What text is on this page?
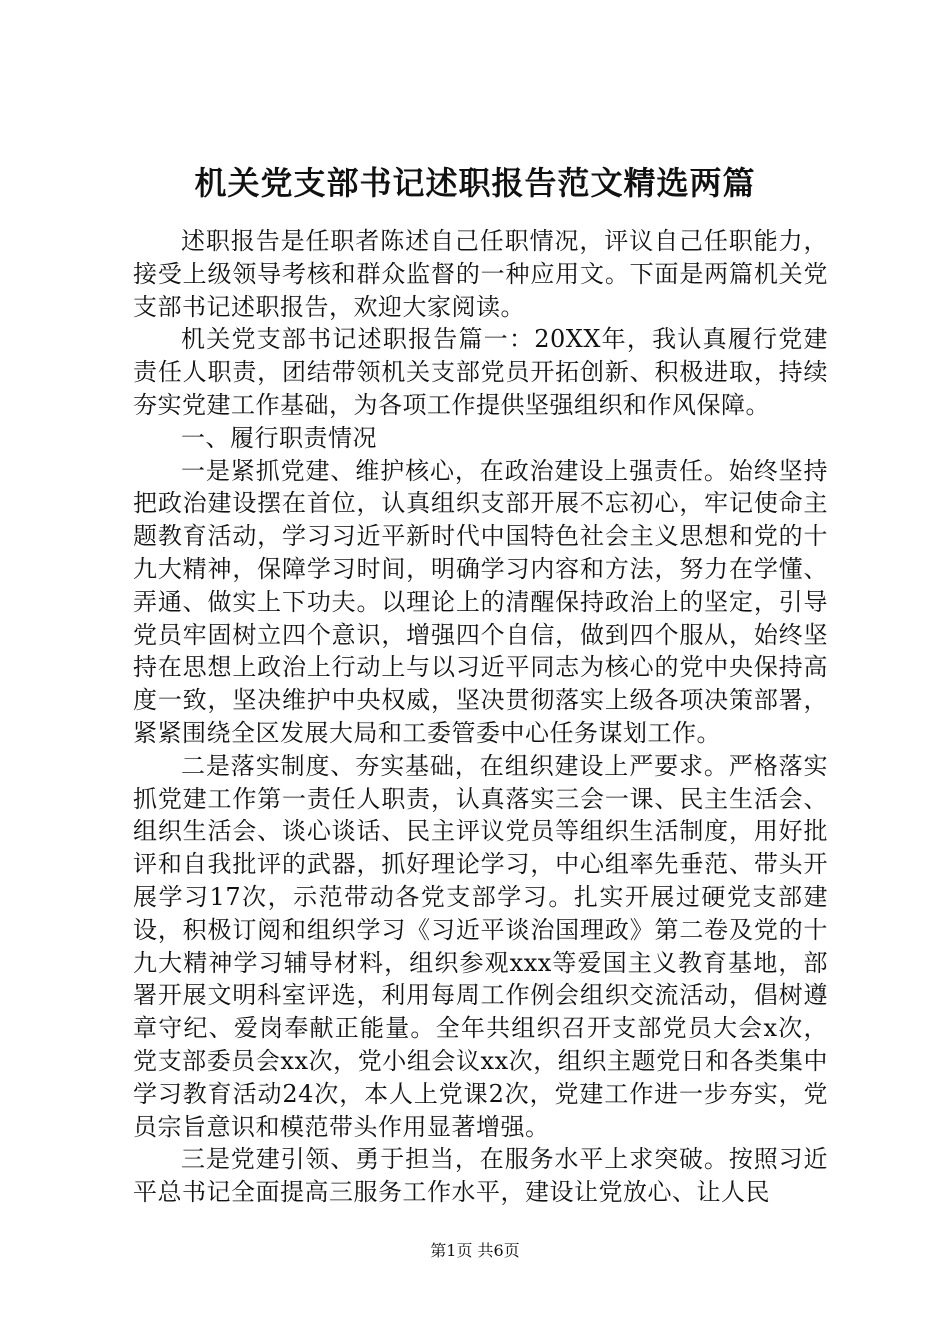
机关党支部书记述职报告范文精选两篇

述职报告是任职者陈述自己任职情况，评议自己任职能力，接受上级领导考核和群众监督的一种应用文。下面是两篇机关党支部书记述职报告，欢迎大家阅读。

机关党支部书记述职报告篇一：20XX年，我认真履行党建责任人职责，团结带领机关支部党员开拓创新、积极进取，持续夯实党建工作基础，为各项工作提供坚强组织和作风保障。

一、履行职责情况

一是紧抓党建、维护核心，在政治建设上强责任。始终坚持把政治建设摆在首位，认真组织支部开展不忘初心，牢记使命主题教育活动，学习习近平新时代中国特色社会主义思想和党的十九大精神，保障学习时间，明确学习内容和方法，努力在学懂、弄通、做实上下功夫。以理论上的清醒保持政治上的坚定，引导党员牢固树立四个意识，增强四个自信，做到四个服从，始终坚持在思想上政治上行动上与以习近平同志为核心的党中央保持高度一致，坚决维护中央权威，坚决贯彻落实上级各项决策部署，紧紧围绕全区发展大局和工委管委中心任务谋划工作。

二是落实制度、夯实基础，在组织建设上严要求。严格落实抓党建工作第一责任人职责，认真落实三会一课、民主生活会、组织生活会、谈心谈话、民主评议党员等组织生活制度，用好批评和自我批评的武器，抓好理论学习，中心组率先垂范、带头开展学习17次，示范带动各党支部学习。扎实开展过硬党支部建设，积极订阅和组织学习《习近平谈治国理政》第二卷及党的十九大精神学习辅导材料，组织参观xxx等爱国主义教育基地，部署开展文明科室评选，利用每周工作例会组织交流活动，倡树遵章守纪、爱岗奉献正能量。全年共组织召开支部党员大会x次，党支部委员会xx次，党小组会议xx次，组织主题党日和各类集中学习教育活动24次，本人上党课2次，党建工作进一步夯实，党员宗旨意识和模范带头作用显著增强。

三是党建引领、勇于担当，在服务水平上求突破。按照习近平总书记全面提高三服务工作水平，建设让党放心、让人民

第1页 共6页
